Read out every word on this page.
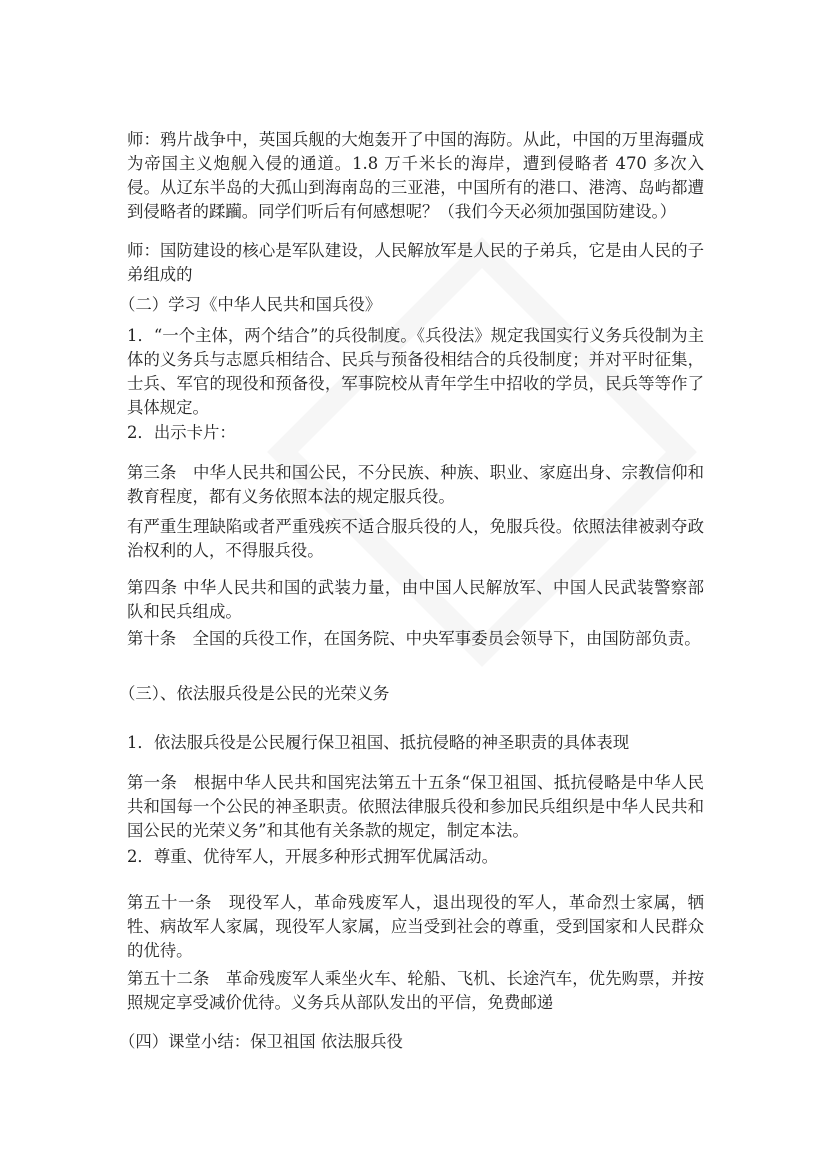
师：鸦片战争中，英国兵舰的大炮轰开了中国的海防。从此，中国的万里海疆成为帝国主义炮舰入侵的通道。1.8 万千米长的海岸，遭到侵略者 470 多次入侵。从辽东半岛的大孤山到海南岛的三亚港，中国所有的港口、港湾、岛屿都遭到侵略者的蹂躏。同学们听后有何感想呢？（我们今天必须加强国防建设。）

师：国防建设的核心是军队建设，人民解放军是人民的子弟兵，它是由人民的子弟组成的

（二）学习《中华人民共和国兵役》

1．“一个主体，两个结合”的兵役制度。《兵役法》规定我国实行义务兵役制为主体的义务兵与志愿兵相结合、民兵与预备役相结合的兵役制度；并对平时征集，士兵、军官的现役和预备役，军事院校从青年学生中招收的学员，民兵等等作了具体规定。

2．出示卡片：

第三条　中华人民共和国公民，不分民族、种族、职业、家庭出身、宗教信仰和教育程度，都有义务依照本法的规定服兵役。

有严重生理缺陷或者严重残疾不适合服兵役的人，免服兵役。依照法律被剥夺政治权利的人，不得服兵役。

第四条 中华人民共和国的武装力量，由中国人民解放军、中国人民武装警察部队和民兵组成。

第十条　全国的兵役工作，在国务院、中央军事委员会领导下，由国防部负责。

（三）、依法服兵役是公民的光荣义务

1．依法服兵役是公民履行保卫祖国、抵抗侵略的神圣职责的具体表现

第一条　根据中华人民共和国宪法第五十五条“保卫祖国、抵抗侵略是中华人民共和国每一个公民的神圣职责。依照法律服兵役和参加民兵组织是中华人民共和国公民的光荣义务”和其他有关条款的规定，制定本法。

2．尊重、优待军人，开展多种形式拥军优属活动。

第五十一条　现役军人，革命残废军人，退出现役的军人，革命烈士家属，牺牲、病故军人家属，现役军人家属，应当受到社会的尊重，受到国家和人民群众的优待。

第五十二条　革命残废军人乘坐火车、轮船、飞机、长途汽车，优先购票，并按照规定享受减价优待。义务兵从部队发出的平信，免费邮递

（四）课堂小结：保卫祖国 依法服兵役
